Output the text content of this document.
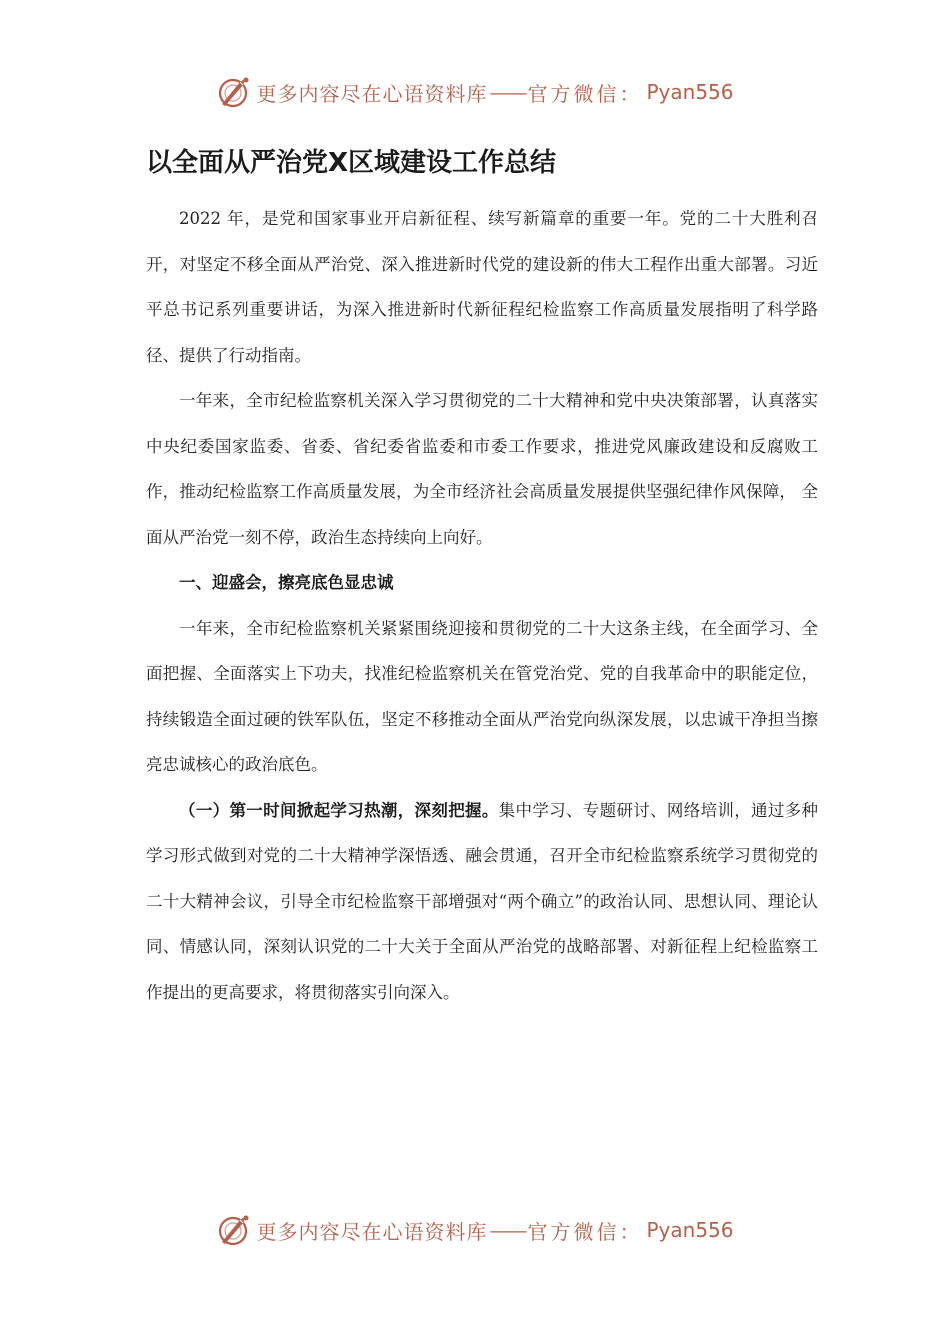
更多内容尽在心语资料库 —— 官方微信： Pyan556
以全面从严治党X区域建设工作总结

2022 年，是党和国家事业开启新征程、续写新篇章的重要一年。党的二十大胜利召开，对坚定不移全面从严治党、深入推进新时代党的建设新的伟大工程作出重大部署。习近平总书记系列重要讲话，为深入推进新时代新征程纪检监察工作高质量发展指明了科学路径、提供了行动指南。

一年来，全市纪检监察机关深入学习贯彻党的二十大精神和党中央决策部署，认真落实中央纪委国家监委、省委、省纪委省监委和市委工作要求，推进党风廉政建设和反腐败工作，推动纪检监察工作高质量发展，为全市经济社会高质量发展提供坚强纪律作风保障， 全面从严治党一刻不停，政治生态持续向上向好。

一、迎盛会，擦亮底色显忠诚

一年来，全市纪检监察机关紧紧围绕迎接和贯彻党的二十大这条主线，在全面学习、全面把握、全面落实上下功夫，找准纪检监察机关在管党治党、党的自我革命中的职能定位，持续锻造全面过硬的铁军队伍，坚定不移推动全面从严治党向纵深发展，以忠诚干净担当擦亮忠诚核心的政治底色。

（一）第一时间掀起学习热潮，深刻把握。集中学习、专题研讨、网络培训，通过多种学习形式做到对党的二十大精神学深悟透、融会贯通，召开全市纪检监察系统学习贯彻党的二十大精神会议，引导全市纪检监察干部增强对“两个确立”的政治认同、思想认同、理论认同、情感认同，深刻认识党的二十大关于全面从严治党的战略部署、对新征程上纪检监察工作提出的更高要求，将贯彻落实引向深入。

更多内容尽在心语资料库 —— 官方微信： Pyan556
